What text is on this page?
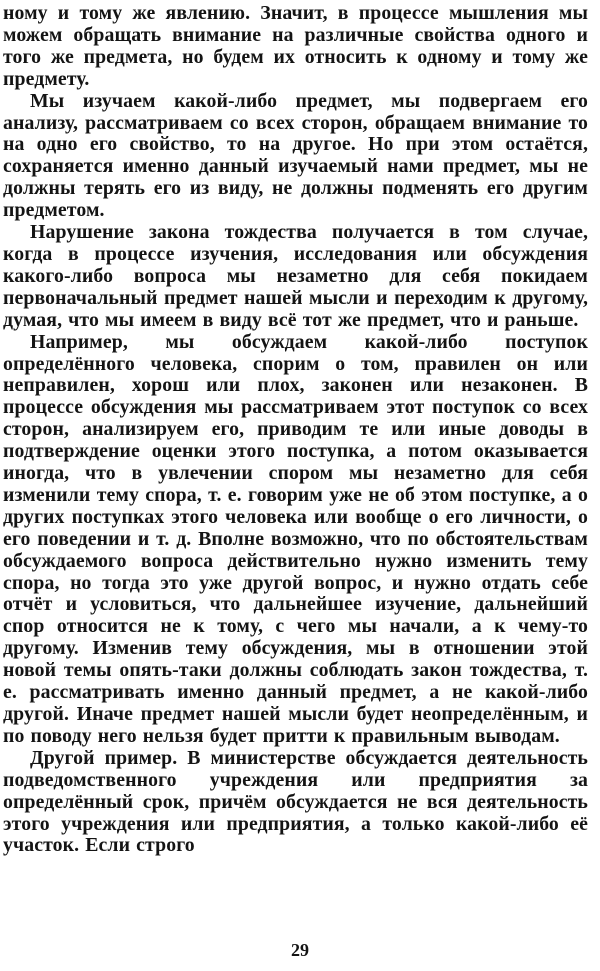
ному и тому же явлению. Значит, в процессе мышления мы можем обращать внимание на различные свойства одного и того же предмета, но будем их относить к одному и тому же предмету.

Мы изучаем какой-либо предмет, мы подвергаем его анализу, рассматриваем со всех сторон, обращаем внимание то на одно его свойство, то на другое. Но при этом остаётся, сохраняется именно данный изучаемый нами предмет, мы не должны терять его из виду, не должны подменять его другим предметом.

Нарушение закона тождества получается в том случае, когда в процессе изучения, исследования или обсуждения какого-либо вопроса мы незаметно для себя покидаем первоначальный предмет нашей мысли и переходим к другому, думая, что мы имеем в виду всё тот же предмет, что и раньше.

Например, мы обсуждаем какой-либо поступок определённого человека, спорим о том, правилен он или неправилен, хорош или плох, законен или незаконен. В процессе обсуждения мы рассматриваем этот поступок со всех сторон, анализируем его, приводим те или иные доводы в подтверждение оценки этого поступка, а потом оказывается иногда, что в увлечении спором мы незаметно для себя изменили тему спора, т. е. говорим уже не об этом поступке, а о других поступках этого человека или вообще о его личности, о его поведении и т. д. Вполне возможно, что по обстоятельствам обсуждаемого вопроса действительно нужно изменить тему спора, но тогда это уже другой вопрос, и нужно отдать себе отчёт и условиться, что дальнейшее изучение, дальнейший спор относится не к тому, с чего мы начали, а к чему-то другому. Изменив тему обсуждения, мы в отношении этой новой темы опять-таки должны соблюдать закон тождества, т. е. рассматривать именно данный предмет, а не какой-либо другой. Иначе предмет нашей мысли будет неопределённым, и по поводу него нельзя будет притти к правильным выводам.

Другой пример. В министерстве обсуждается деятельность подведомственного учреждения или предприятия за определённый срок, причём обсуждается не вся деятельность этого учреждения или предприятия, а только какой-либо её участок. Если строго

29
